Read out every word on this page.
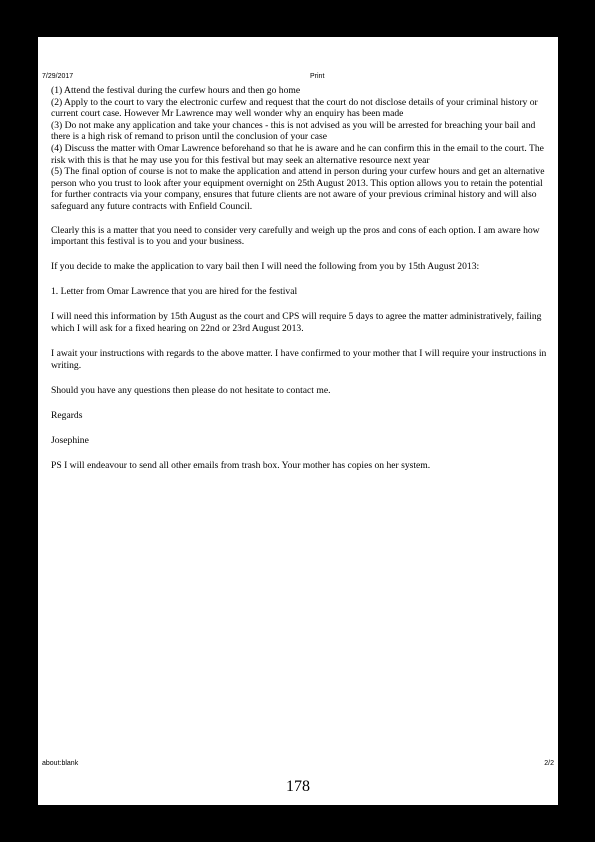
7/29/2017	Print

(1) Attend the festival during the curfew hours and then go home

(2) Apply to the court to vary the electronic curfew and request that the court do not disclose details of your criminal history or current court case. However Mr Lawrence may well wonder why an enquiry has been made

(3) Do not make any application and take your chances - this is not advised as you will be arrested for breaching your bail and there is a high risk of remand to prison until the conclusion of your case

(4) Discuss the matter with Omar Lawrence beforehand so that he is aware and he can confirm this in the email to the court. The risk with this is that he may use you for this festival but may seek an alternative resource next year

(5) The final option of course is not to make the application and attend in person during your curfew hours and get an alternative person who you trust to look after your equipment overnight on 25th August 2013. This option allows you to retain the potential for further contracts via your company, ensures that future clients are not aware of your previous criminal history and will also safeguard any future contracts with Enfield Council.

Clearly this is a matter that you need to consider very carefully and weigh up the pros and cons of each option. I am aware how important this festival is to you and your business.

If you decide to make the application to vary bail then I will need the following from you by 15th August 2013:

1. Letter from Omar Lawrence that you are hired for the festival

I will need this information by 15th August as the court and CPS will require 5 days to agree the matter administratively, failing which I will ask for a fixed hearing on 22nd or 23rd August 2013.

I await your instructions with regards to the above matter. I have confirmed to your mother that I will require your instructions in writing.

Should you have any questions then please do not hesitate to contact me.

Regards

Josephine

PS I will endeavour to send all other emails from trash box. Your mother has copies on her system.

about:blank	2/2
178
